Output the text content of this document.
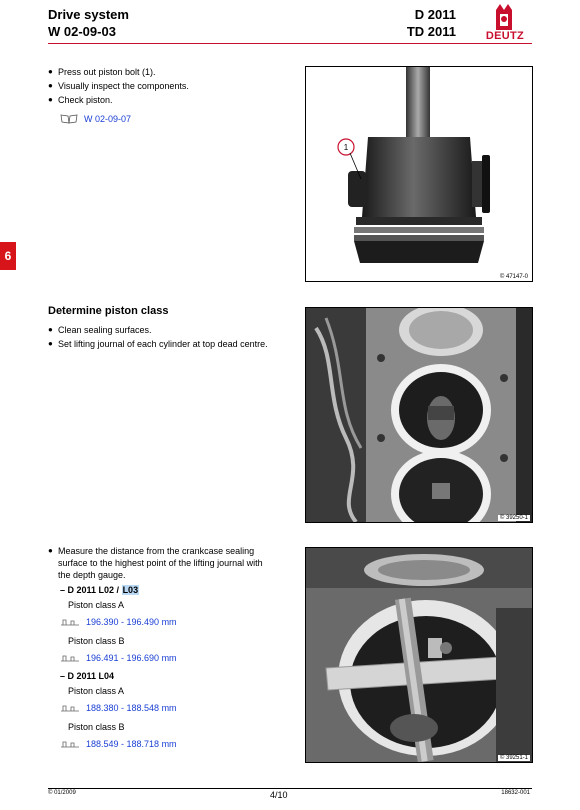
Drive system
W 02-09-03
D 2011
TD 2011	DEUTZ
6
● Press out piston bolt (1).
● Visually inspect the components.
● Check piston.
W 02-09-07
1
© 47147-0
Determine piston class
● Clean sealing surfaces.
● Set lifting journal of each cylinder at top dead centre.
© 39250-1
● Measure the distance from the crankcase sealing
surface to the highest point of the lifting journal with
the depth gauge.
– D 2011 L02 / L03
Piston class A
196.390 - 196.490 mm
Piston class B
196.491 - 196.690 mm
– D 2011 L04
Piston class A
188.380 - 188.548 mm
Piston class B
188.549 - 188.718 mm
© 39251-1
© 01/2009	4/10	18632-001
